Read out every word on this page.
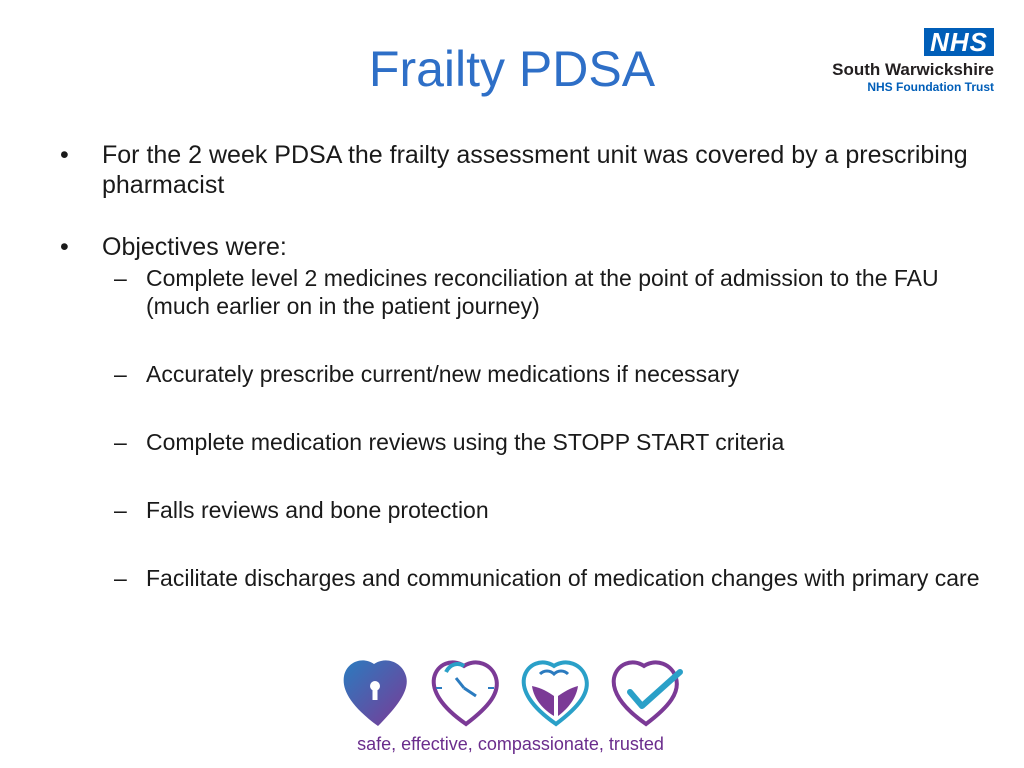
Frailty PDSA	NHS
South Warwickshire
NHS Foundation Trust
• For the 2 week PDSA the frailty assessment unit was covered by a prescribing pharmacist
• Objectives were:
– Complete level 2 medicines reconciliation at the point of admission to the FAU (much earlier on in the patient journey)
– Accurately prescribe current/new medications if necessary
– Complete medication reviews using the STOPP START criteria
– Falls reviews and bone protection
– Facilitate discharges and communication of medication changes with primary care
safe, effective, compassionate, trusted
